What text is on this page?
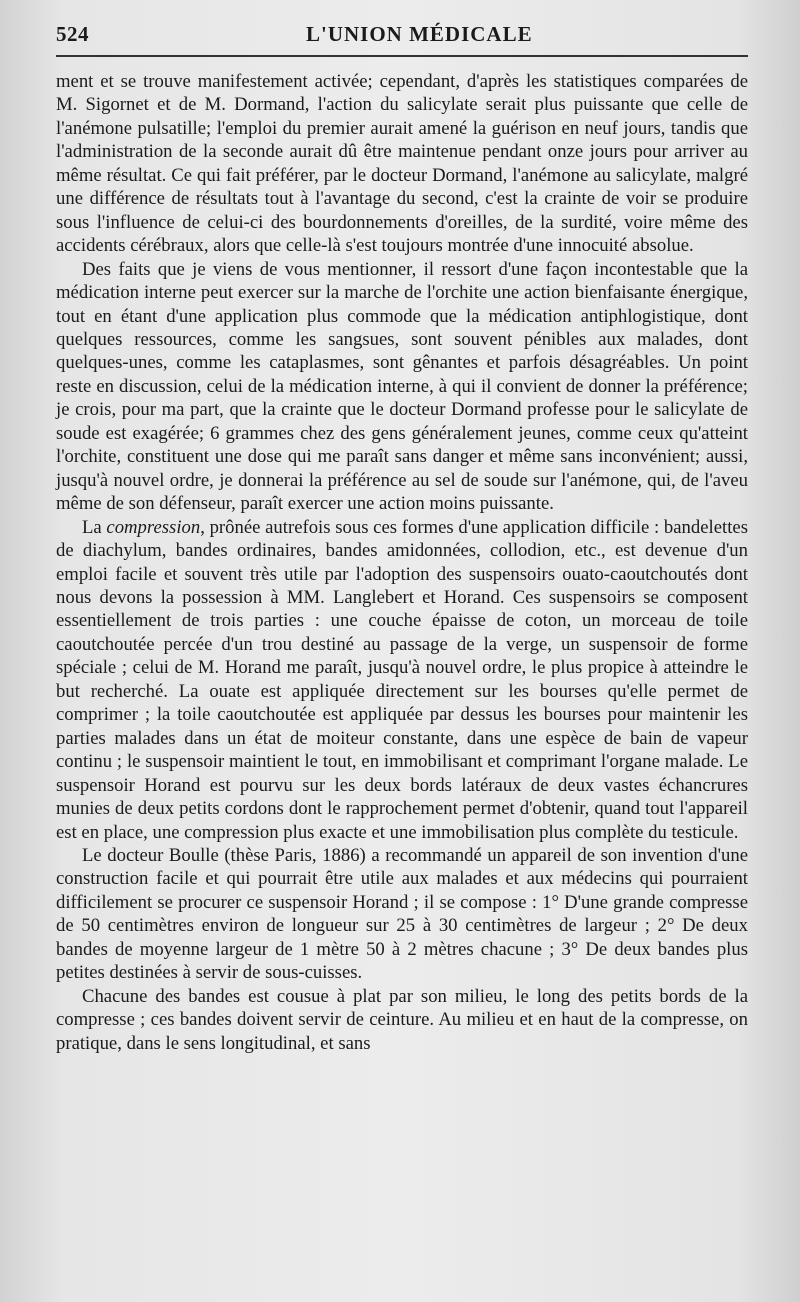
524	L'UNION MÉDICALE

ment et se trouve manifestement activée; cependant, d'après les statistiques comparées de M. Sigornet et de M. Dormand, l'action du salicylate serait plus puissante que celle de l'anémone pulsatille; l'emploi du premier aurait amené la guérison en neuf jours, tandis que l'administration de la seconde aurait dû être maintenue pendant onze jours pour arriver au même résultat. Ce qui fait préférer, par le docteur Dormand, l'anémone au salicylate, malgré une différence de résultats tout à l'avantage du second, c'est la crainte de voir se produire sous l'influence de celui-ci des bourdonnements d'oreilles, de la surdité, voire même des accidents cérébraux, alors que celle-là s'est toujours montrée d'une innocuité absolue.

Des faits que je viens de vous mentionner, il ressort d'une façon incontestable que la médication interne peut exercer sur la marche de l'orchite une action bienfaisante énergique, tout en étant d'une application plus commode que la médication antiphlogistique, dont quelques ressources, comme les sangsues, sont souvent pénibles aux malades, dont quelques-unes, comme les cataplasmes, sont gênantes et parfois désagréables. Un point reste en discussion, celui de la médication interne, à qui il convient de donner la préférence; je crois, pour ma part, que la crainte que le docteur Dormand professe pour le salicylate de soude est exagérée; 6 grammes chez des gens généralement jeunes, comme ceux qu'atteint l'orchite, constituent une dose qui me paraît sans danger et même sans inconvénient; aussi, jusqu'à nouvel ordre, je donnerai la préférence au sel de soude sur l'anémone, qui, de l'aveu même de son défenseur, paraît exercer une action moins puissante.

La compression, prônée autrefois sous ces formes d'une application difficile : bandelettes de diachylum, bandes ordinaires, bandes amidonnées, collodion, etc., est devenue d'un emploi facile et souvent très utile par l'adoption des suspensoirs ouato-caoutchoutés dont nous devons la possession à MM. Langlebert et Horand. Ces suspensoirs se composent essentiellement de trois parties : une couche épaisse de coton, un morceau de toile caoutchoutée percée d'un trou destiné au passage de la verge, un suspensoir de forme spéciale ; celui de M. Horand me paraît, jusqu'à nouvel ordre, le plus propice à atteindre le but recherché. La ouate est appliquée directement sur les bourses qu'elle permet de comprimer ; la toile caoutchoutée est appliquée par dessus les bourses pour maintenir les parties malades dans un état de moiteur constante, dans une espèce de bain de vapeur continu ; le suspensoir maintient le tout, en immobilisant et comprimant l'organe malade. Le suspensoir Horand est pourvu sur les deux bords latéraux de deux vastes échancrures munies de deux petits cordons dont le rapprochement permet d'obtenir, quand tout l'appareil est en place, une compression plus exacte et une immobilisation plus complète du testicule.

Le docteur Boulle (thèse Paris, 1886) a recommandé un appareil de son invention d'une construction facile et qui pourrait être utile aux malades et aux médecins qui pourraient difficilement se procurer ce suspensoir Horand ; il se compose : 1° D'une grande compresse de 50 centimètres environ de longueur sur 25 à 30 centimètres de largeur ; 2° De deux bandes de moyenne largeur de 1 mètre 50 à 2 mètres chacune ; 3° De deux bandes plus petites destinées à servir de sous-cuisses.

Chacune des bandes est cousue à plat par son milieu, le long des petits bords de la compresse ; ces bandes doivent servir de ceinture. Au milieu et en haut de la compresse, on pratique, dans le sens longitudinal, et sans
